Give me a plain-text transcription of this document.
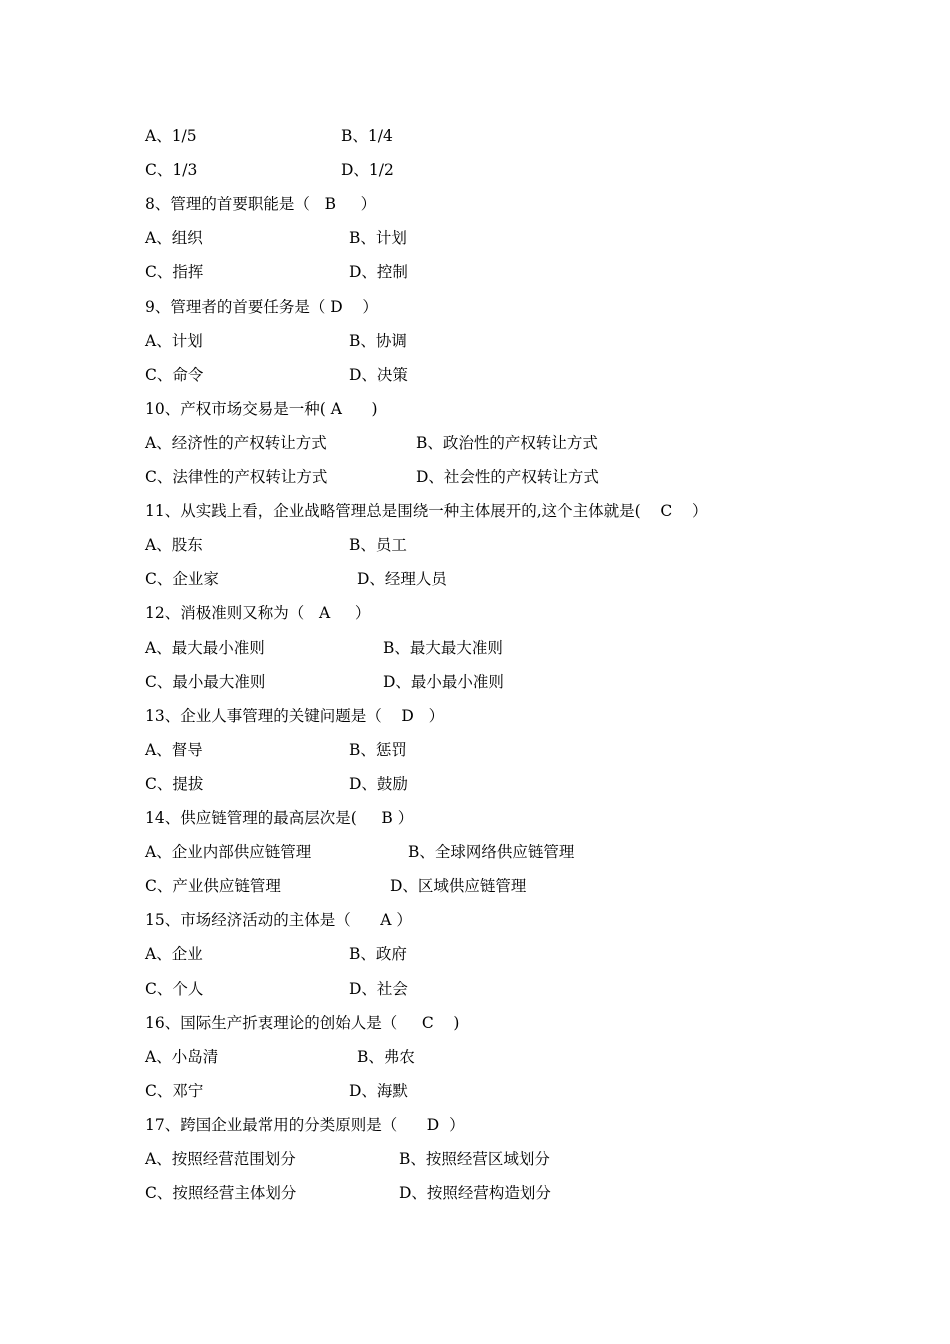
A、1/5	B、1/4
C、1/3	D、1/2
8、管理的首要职能是（   B     ）
A、组织	B、计划
C、指挥	D、控制
9、管理者的首要任务是（ D    ）
A、计划	B、协调
C、命令	D、决策
10、产权市场交易是一种( A      )
A、经济性的产权转让方式	B、政治性的产权转让方式
C、法律性的产权转让方式	D、社会性的产权转让方式
11、从实践上看，企业战略管理总是围绕一种主体展开的,这个主体就是(    C    ）
A、股东	B、员工
C、企业家	D、经理人员
12、消极准则又称为（   A     ）
A、最大最小准则	B、最大最大准则
C、最小最大准则	D、最小最小准则
13、企业人事管理的关键问题是（    D   ）
A、督导	B、惩罚
C、提拔	D、鼓励
14、供应链管理的最高层次是(     B ）
A、企业内部供应链管理	B、全球网络供应链管理
C、产业供应链管理	D、区域供应链管理
15、市场经济活动的主体是（      A ）
A、企业	B、政府
C、个人	D、社会
16、国际生产折衷理论的创始人是（     C    )
A、小岛清	B、弗农
C、邓宁	D、海默
17、跨国企业最常用的分类原则是（      D  ）
A、按照经营范围划分	B、按照经营区域划分
C、按照经营主体划分	D、按照经营构造划分
